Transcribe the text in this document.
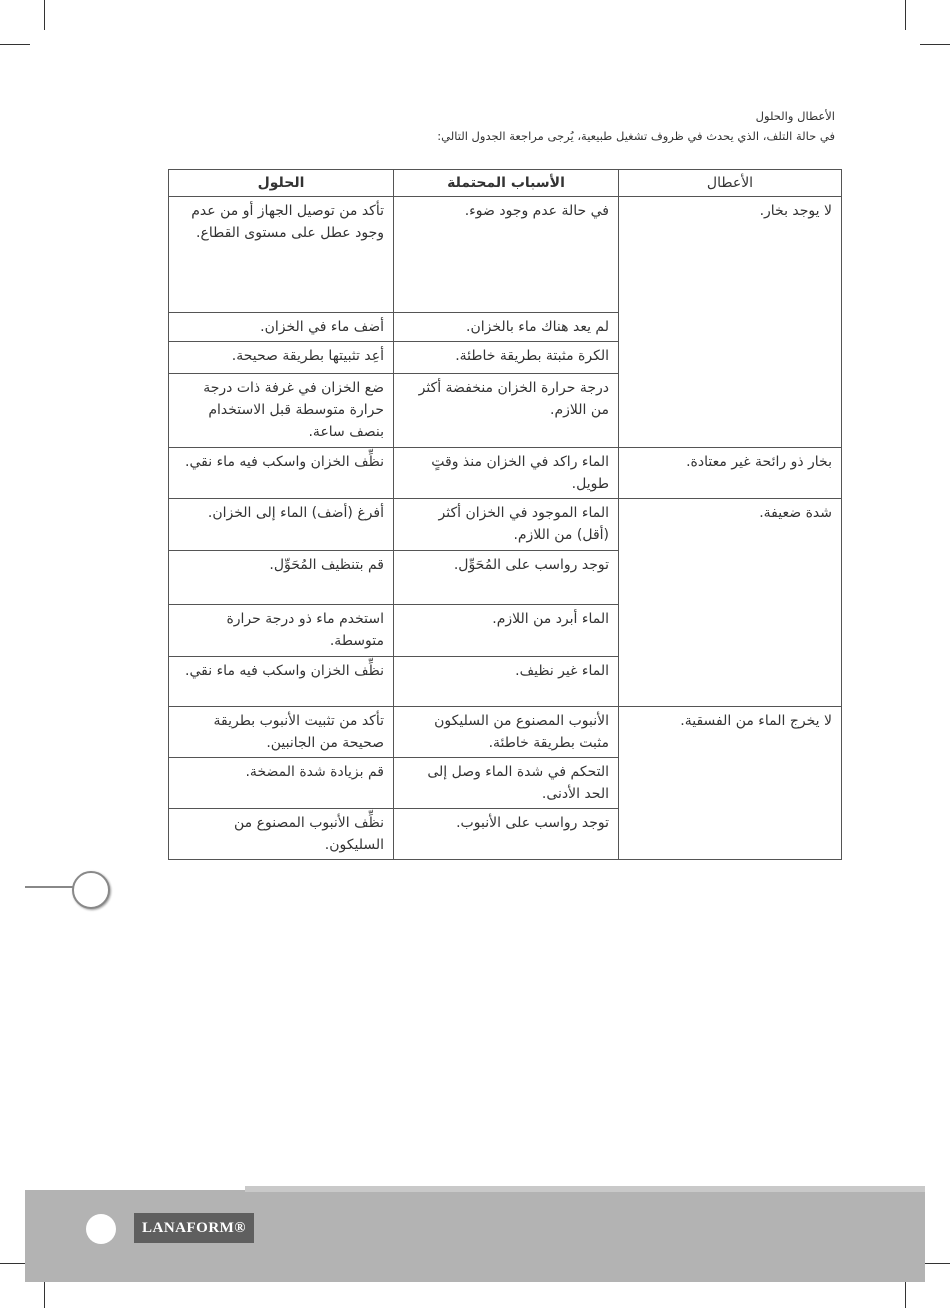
الأعطال والحلول
في حالة التلف، الذي يحدث في ظروف تشغيل طبيعية، يُرجى مراجعة الجدول التالي:
الأعطال	الأسباب المحتملة	الحلول
لا يوجد بخار.	في حالة عدم وجود ضوء.	تأكد من توصيل الجهاز أو من عدم وجود عطل على مستوى القطاع.
	لم يعد هناك ماء بالخزان.	أضف ماء في الخزان.
	الكرة مثبتة بطريقة خاطئة.	أعِد تثبيتها بطريقة صحيحة.
	درجة حرارة الخزان منخفضة أكثر من اللازم.	ضع الخزان في غرفة ذات درجة حرارة متوسطة قبل الاستخدام بنصف ساعة.
بخار ذو رائحة غير معتادة.	الماء راكد في الخزان منذ وقتٍ طويل.	نظِّف الخزان واسكب فيه ماء نقي.
شدة ضعيفة.	الماء الموجود في الخزان أكثر (أقل) من اللازم.	أفرغ (أضف) الماء إلى الخزان.
	توجد رواسب على المُحَوِّل.	قم بتنظيف المُحَوِّل.
	الماء أبرد من اللازم.	استخدم ماء ذو درجة حرارة متوسطة.
	الماء غير نظيف.	نظِّف الخزان واسكب فيه ماء نقي.
لا يخرج الماء من الفسقية.	الأنبوب المصنوع من السليكون مثبت بطريقة خاطئة.	تأكد من تثبيت الأنبوب بطريقة صحيحة من الجانبين.
	التحكم في شدة الماء وصل إلى الحد الأدنى.	قم بزيادة شدة المضخة.
	توجد رواسب على الأنبوب.	نظِّف الأنبوب المصنوع من السليكون.
LANAFORM®
